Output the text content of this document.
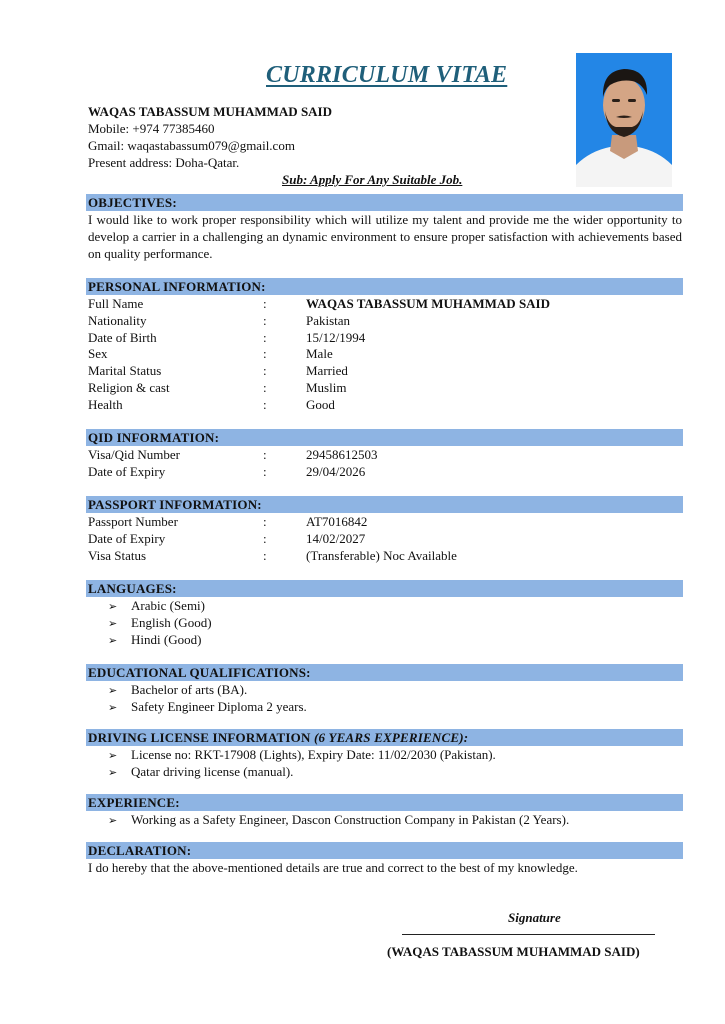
CURRICULUM VITAE
WAQAS TABASSUM MUHAMMAD SAID
Mobile: +974 77385460
Gmail: waqastabassum079@gmail.com
Present address: Doha-Qatar.
Sub: Apply For Any Suitable Job.
OBJECTIVES:
I would like to work proper responsibility which will utilize my talent and provide me the wider opportunity to develop a carrier in a challenging an dynamic environment to ensure proper satisfaction with achievements based on quality performance.
PERSONAL INFORMATION:
Full Name	:	WAQAS TABASSUM MUHAMMAD SAID
Nationality	:	Pakistan
Date of Birth	:	15/12/1994
Sex	:	Male
Marital Status	:	Married
Religion & cast	:	Muslim
Health	:	Good
QID INFORMATION:
Visa/Qid Number	:	29458612503
Date of Expiry	:	29/04/2026
PASSPORT INFORMATION:
Passport Number	:	AT7016842
Date of Expiry	:	14/02/2027
Visa Status	:	(Transferable) Noc Available
LANGUAGES:
➢ Arabic (Semi)
➢ English (Good)
➢ Hindi (Good)
EDUCATIONAL QUALIFICATIONS:
➢ Bachelor of arts (BA).
➢ Safety Engineer Diploma 2 years.
DRIVING LICENSE INFORMATION (6 YEARS EXPERIENCE):
➢ License no: RKT-17908 (Lights), Expiry Date: 11/02/2030 (Pakistan).
➢ Qatar driving license (manual).
EXPERIENCE:
➢ Working as a Safety Engineer, Dascon Construction Company in Pakistan (2 Years).
DECLARATION:
I do hereby that the above-mentioned details are true and correct to the best of my knowledge.
Signature
(WAQAS TABASSUM MUHAMMAD SAID)
